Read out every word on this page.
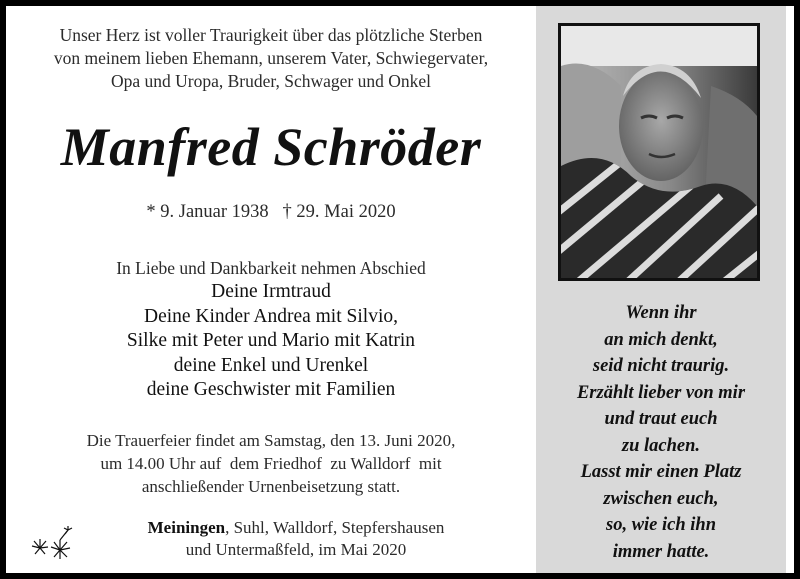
Unser Herz ist voller Traurigkeit über das plötzliche Sterben
von meinem lieben Ehemann, unserem Vater, Schwiegervater,
Opa und Uropa, Bruder, Schwager und Onkel
Manfred Schröder
* 9. Januar 1938   † 29. Mai 2020
In Liebe und Dankbarkeit nehmen Abschied
Deine Irmtraud
Deine Kinder Andrea mit Silvio,
Silke mit Peter und Mario mit Katrin
deine Enkel und Urenkel
deine Geschwister mit Familien
Die Trauerfeier findet am Samstag, den 13. Juni 2020,
um 14.00 Uhr auf  dem Friedhof  zu Walldorf  mit
anschließender Urnenbeisetzung statt.
Meiningen, Suhl, Walldorf, Stepfershausen
und Untermaßfeld, im Mai 2020
Wenn ihr
an mich denkt,
seid nicht traurig.
Erzählt lieber von mir
und traut euch
zu lachen.
Lasst mir einen Platz
zwischen euch,
so, wie ich ihn
immer hatte.
